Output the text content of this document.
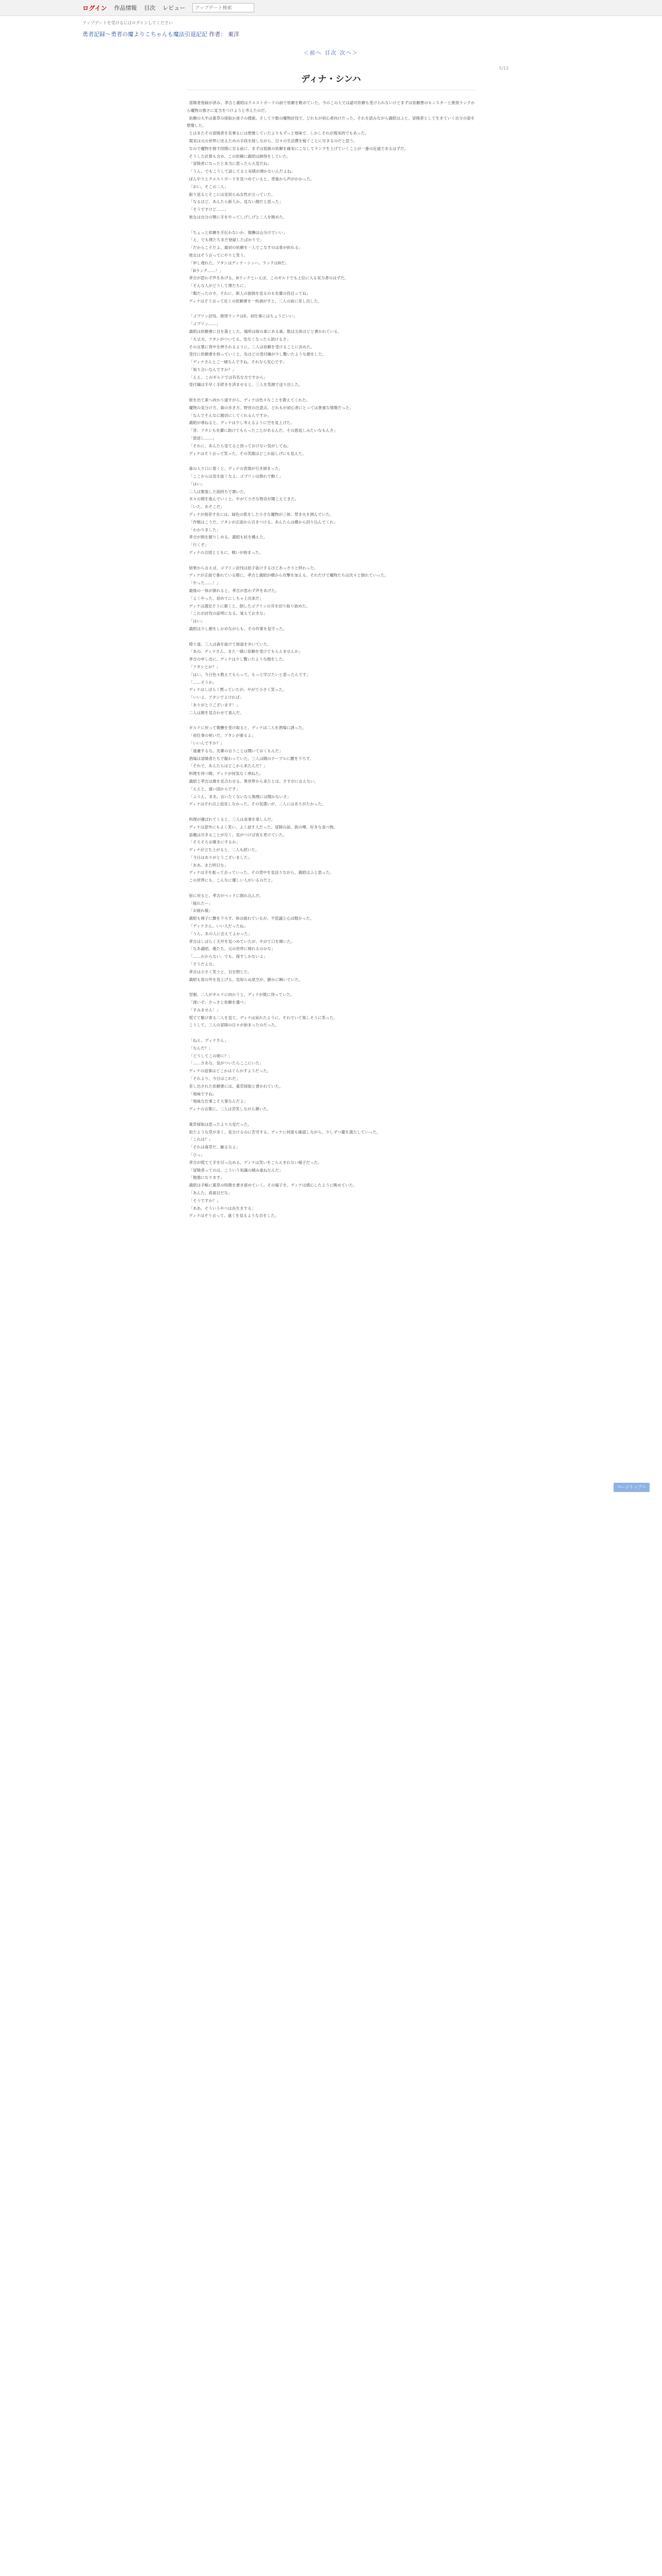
ログイン 作品情報 目次 レビュー
アップデート検索
アップデートを受けるにはログインしてください
勇者記録〜勇者の魔よりこちゃんも魔法引退記記 作者： 東洋
＜前へ 目次 次へ＞
5/13
ディナ・シンハ

冒険者登録が済み、孝吉と義昭はクエストボードの前で依頼を眺めていた。今のこの人では認可依頼も受けられないけどまずは依頼書のモンスターと推奨ランクから魔物の強さに見当をつけようと考えたのだ。

依頼の大半は薬草の採取か迷子の捜索、そして少数の魔物討伐で、どれもが初心者向けだった。それを読みながら義昭はふと、冒険者として生きていく自分の姿を想像した。

とはまたその冒険者を名乗るには想像していたよりもずっと地味で、しかしそれが現実的でもあった。

現実は元の世界に戻るための手段を探しながら、日々の生活費を稼ぐことに尽きるのだと思う。

なので魔物を倒す段階に至る前に、まずは低級の依頼を確実にこなしてランクを上げていくことが一番の近道であるはずだ。

そうした計算も含め、この依頼に義昭は納得をしていた。

「冒険者になったと本当に思ったら大変だね」

「うん、でもこうして話してると実感が湧かないんだよね」

ぼんやりとクエストボードを見つめていると、背後から声がかかった。

「おい。そこの二人」

振り返るとそこには見知らぬ女性が立っていた。

「なるほど、あんたら新人か。見ない顔だと思った」

「そうですけど……」

彼女は自分の顎に手をやってしげしげと二人を眺めた。

「ちょっと依頼を手伝わないか。報酬は山分けでいい」

「え、でも僕たちまだ登録したばかりで」

「だからこそだよ。最初の依頼を一人でこなすのは骨が折れる」

彼女はそう言ってにやりと笑う。

「申し遅れた。アタシはディナ・シンハ。ランクはBだ」

「Bランク……！」

孝吉が思わず声をあげる。Bランクといえば、このギルドでも上位に入る実力者のはずだ。

「そんな人がどうして僕たちに」

「暇だったのさ。それに、新人の面倒を見るのも先輩の役目ってね」

ディナはそう言って近くの依頼書を一枚剥がすと、二人の前に差し出した。

「ゴブリン討伐。推奨ランクはE。初仕事にはちょうどいい」

「ゴブリン……」

義昭は依頼書に目を落とした。場所は街の東にある森、数は五体ほどと書かれている。

「大丈夫、アタシがついてる。危なくなったら助けるさ」

その言葉に背中を押されるように、二人は依頼を受けることに決めた。

受付に依頼書を持っていくと、先ほどの受付嬢が少し驚いたような顔をした。

「ディナさんとご一緒なんですね。それなら安心です」

「知り合いなんですか？」

「ええ、このギルドでは有名な方ですから」

受付嬢は手早く手続きを済ませると、三人を笑顔で送り出した。

街を出て東へ向かう道すがら、ディナは色々なことを教えてくれた。

魔物の見分け方、森の歩き方、野営の注意点。どれもが初心者にとっては貴重な情報だった。

「なんでそんなに親切にしてくれるんですか」

義昭が尋ねると、ディナは少し考えるように空を見上げた。

「昔、アタシも先輩に助けてもらったことがあるんだ。その恩返しみたいなもんさ」

「恩返し……」

「それに、あんたら見てると放っておけない気がしてね」

ディナはそう言って笑った。その笑顔はどこか寂しげにも見えた。

森の入り口に着くと、ディナの表情が引き締まった。

「ここからは気を抜くなよ。ゴブリンは群れで動く」

「はい」

二人は緊張した面持ちで頷いた。

木々の間を進んでいくと、やがて小さな物音が聞こえてきた。

「いた。あそこだ」

ディナが指差す先には、緑色の肌をした小さな魔物が三体、焚き火を囲んでいた。

「作戦はこうだ。アタシが正面から引きつける。あんたらは横から回り込んでくれ」

「わかりました」

孝吉が剣を握りしめる。義昭も杖を構えた。

「行くぞ」

ディナの合図とともに、戦いが始まった。

結果から言えば、ゴブリン討伐は拍子抜けするほどあっさりと終わった。

ディナが正面で暴れている間に、孝吉と義昭が横から攻撃を加える。それだけで魔物たちは次々と倒れていった。

「やった……！」

最後の一体が倒れると、孝吉が思わず声をあげた。

「よくやった。初めてにしちゃ上出来だ」

ディナは満足そうに頷くと、倒したゴブリンの耳を切り取り始めた。

「これが討伐の証明になる。覚えておきな」

「はい」

義昭は少し顔をしかめながらも、その作業を見守った。

帰り道、三人は森を抜けて街道を歩いていた。

「あの、ディナさん。また一緒に依頼を受けてもらえませんか」

孝吉の申し出に、ディナは少し驚いたような顔をした。

「アタシとか？」

「はい。今日色々教えてもらって、もっと学びたいと思ったんです」

「……そうか」

ディナはしばらく黙っていたが、やがて小さく笑った。

「いいよ。アタシでよければ」

「ありがとうございます！」

二人は顔を見合わせて喜んだ。

ギルドに戻って報酬を受け取ると、ディナは二人を酒場に誘った。

「初仕事の祝いだ。アタシが奢るよ」

「いいんですか？」

「遠慮するな。先輩の言うことは聞いておくもんだ」

酒場は冒険者たちで賑わっていた。三人は隅のテーブルに腰を下ろす。

「それで、あんたらはどこから来たんだ？」

料理を待つ間、ディナが何気なく尋ねた。

義昭と孝吉は顔を見合わせる。異世界から来たとは、さすがに言えない。

「ええと、遠い国からです」

「ふうん。まあ、言いたくないなら無理には聞かないさ」

ディナはそれ以上追及しなかった。その気遣いが、二人にはありがたかった。

料理が運ばれてくると、三人は食事を楽しんだ。

ディナは意外にもよく笑い、よく話す人だった。冒険の話、街の噂、好きな食べ物。

話題は尽きることがなく、気がつけば夜も更けていた。

「そろそろお開きにするか」

ディナが立ち上がると、二人も続いた。

「今日はありがとうございました」

「ああ。また明日な」

ディナは手を振って去っていった。その背中を見送りながら、義昭はふと思った。

この世界にも、こんなに優しい人がいるのだと。

宿に戻ると、孝吉がベッドに倒れ込んだ。

「疲れたー」

「お疲れ様」

義昭も椅子に腰を下ろす。体は疲れているが、不思議と心は軽かった。

「ディナさん、いい人だったね」

「うん。あの人に会えてよかった」

孝吉はしばらく天井を見つめていたが、やがて口を開いた。

「なあ義昭。俺たち、元の世界に帰れるのかな」

「……わからない。でも、探すしかないよ」

「そうだよな」

孝吉は小さく笑うと、目を閉じた。

義昭も窓の外を見上げる。見知らぬ星空が、静かに瞬いていた。

翌朝、二人がギルドに向かうと、ディナが既に待っていた。

「遅いぞ。さっさと依頼を選べ」

「すみません！」

慌てて駆け寄る二人を見て、ディナは呆れたように、それでいて楽しそうに笑った。

こうして、三人の冒険の日々が始まったのだった。

「ねえ、ディナさん」

「なんだ？」

「どうしてこの街に？」

「……さあな。気がついたらここにいた」

ディナの返事はどこかはぐらかすようだった。

「それより、今日はこれだ」

差し出された依頼書には、薬草採取と書かれていた。

「地味ですね」

「地味な仕事こそ大事なんだよ」

ディナの言葉に、二人は苦笑しながら頷いた。

薬草採取は思ったより大変だった。

似たような草が多く、見分けるのに苦労する。ディナに何度も確認しながら、少しずつ籠を満たしていった。

「これは？」

「それは毒草だ。触るなよ」

「ひっ」

孝吉が慌てて手を引っ込める。ディナは笑いをこらえきれない様子だった。

「冒険者ってのは、こういう知識の積み重ねなんだ」

「勉強になります」

義昭は手帳に薬草の特徴を書き留めていく。その様子を、ディナは感心したように眺めていた。

「あんた、真面目だな」

「そうですか？」

「ああ。そういうやつは長生きする」

ディナはそう言って、遠くを見るような目をした。

ページトップへ
